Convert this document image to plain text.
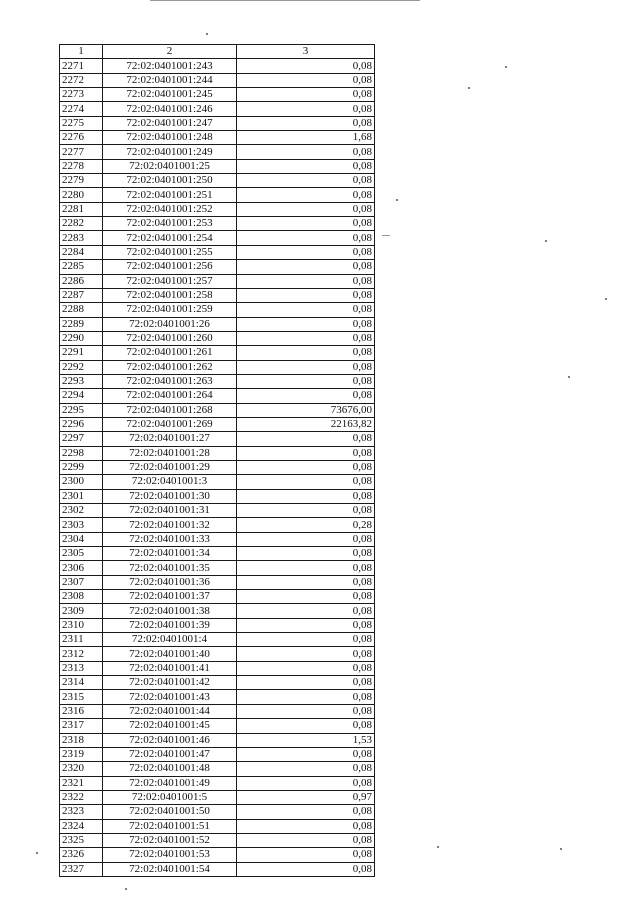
1	2	3
2271	72:02:0401001:243	0,08
2272	72:02:0401001:244	0,08
2273	72:02:0401001:245	0,08
2274	72:02:0401001:246	0,08
2275	72:02:0401001:247	0,08
2276	72:02:0401001:248	1,68
2277	72:02:0401001:249	0,08
2278	72:02:0401001:25	0,08
2279	72:02:0401001:250	0,08
2280	72:02:0401001:251	0,08
2281	72:02:0401001:252	0,08
2282	72:02:0401001:253	0,08
2283	72:02:0401001:254	0,08
2284	72:02:0401001:255	0,08
2285	72:02:0401001:256	0,08
2286	72:02:0401001:257	0,08
2287	72:02:0401001:258	0,08
2288	72:02:0401001:259	0,08
2289	72:02:0401001:26	0,08
2290	72:02:0401001:260	0,08
2291	72:02:0401001:261	0,08
2292	72:02:0401001:262	0,08
2293	72:02:0401001:263	0,08
2294	72:02:0401001:264	0,08
2295	72:02:0401001:268	73676,00
2296	72:02:0401001:269	22163,82
2297	72:02:0401001:27	0,08
2298	72:02:0401001:28	0,08
2299	72:02:0401001:29	0,08
2300	72:02:0401001:3	0,08
2301	72:02:0401001:30	0,08
2302	72:02:0401001:31	0,08
2303	72:02:0401001:32	0,28
2304	72:02:0401001:33	0,08
2305	72:02:0401001:34	0,08
2306	72:02:0401001:35	0,08
2307	72:02:0401001:36	0,08
2308	72:02:0401001:37	0,08
2309	72:02:0401001:38	0,08
2310	72:02:0401001:39	0,08
2311	72:02:0401001:4	0,08
2312	72:02:0401001:40	0,08
2313	72:02:0401001:41	0,08
2314	72:02:0401001:42	0,08
2315	72:02:0401001:43	0,08
2316	72:02:0401001:44	0,08
2317	72:02:0401001:45	0,08
2318	72:02:0401001:46	1,53
2319	72:02:0401001:47	0,08
2320	72:02:0401001:48	0,08
2321	72:02:0401001:49	0,08
2322	72:02:0401001:5	0,97
2323	72:02:0401001:50	0,08
2324	72:02:0401001:51	0,08
2325	72:02:0401001:52	0,08
2326	72:02:0401001:53	0,08
2327	72:02:0401001:54	0,08
